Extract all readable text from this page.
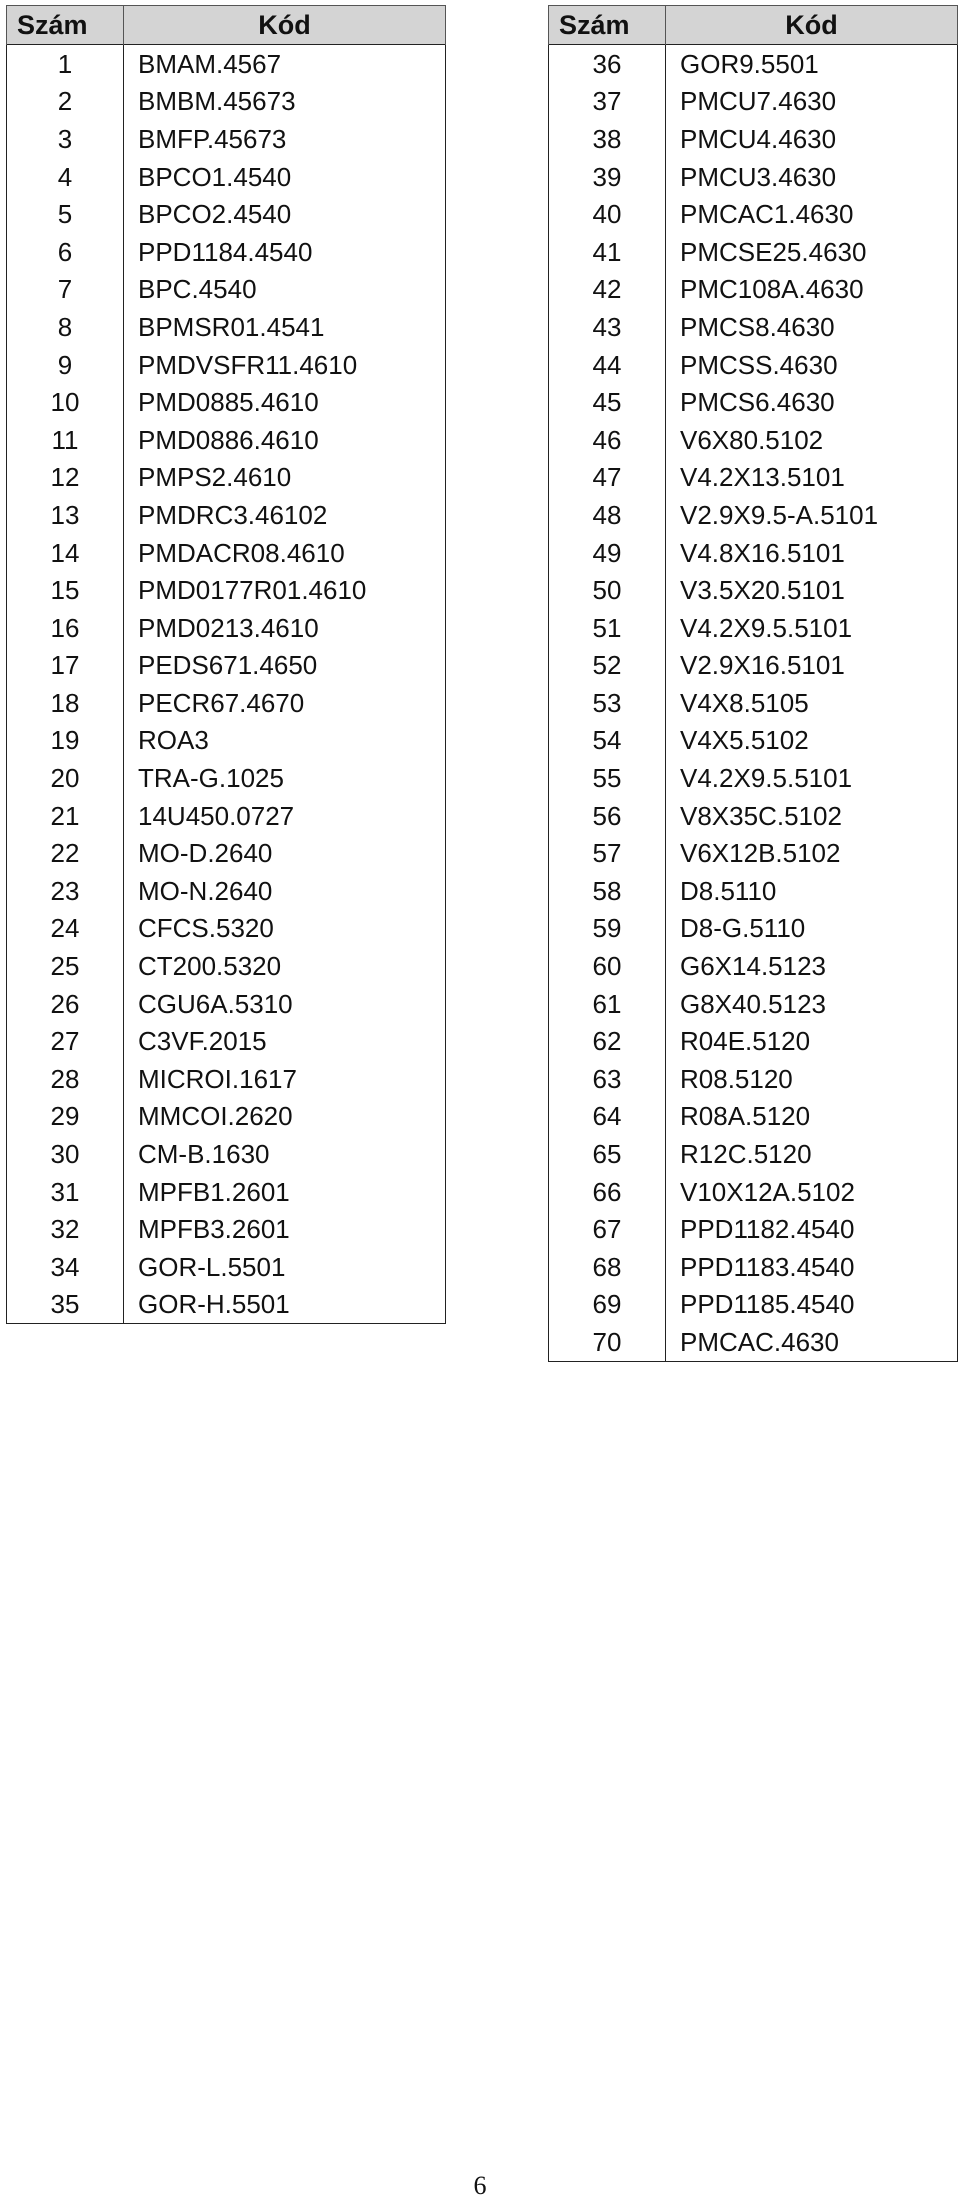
Szám	Kód
1	BMAM.4567
2	BMBM.45673
3	BMFP.45673
4	BPCO1.4540
5	BPCO2.4540
6	PPD1184.4540
7	BPC.4540
8	BPMSR01.4541
9	PMDVSFR11.4610
10	PMD0885.4610
11	PMD0886.4610
12	PMPS2.4610
13	PMDRC3.46102
14	PMDACR08.4610
15	PMD0177R01.4610
16	PMD0213.4610
17	PEDS671.4650
18	PECR67.4670
19	ROA3
20	TRA-G.1025
21	14U450.0727
22	MO-D.2640
23	MO-N.2640
24	CFCS.5320
25	CT200.5320
26	CGU6A.5310
27	C3VF.2015
28	MICROI.1617
29	MMCOI.2620
30	CM-B.1630
31	MPFB1.2601
32	MPFB3.2601
34	GOR-L.5501
35	GOR-H.5501
Szám	Kód
36	GOR9.5501
37	PMCU7.4630
38	PMCU4.4630
39	PMCU3.4630
40	PMCAC1.4630
41	PMCSE25.4630
42	PMC108A.4630
43	PMCS8.4630
44	PMCSS.4630
45	PMCS6.4630
46	V6X80.5102
47	V4.2X13.5101
48	V2.9X9.5-A.5101
49	V4.8X16.5101
50	V3.5X20.5101
51	V4.2X9.5.5101
52	V2.9X16.5101
53	V4X8.5105
54	V4X5.5102
55	V4.2X9.5.5101
56	V8X35C.5102
57	V6X12B.5102
58	D8.5110
59	D8-G.5110
60	G6X14.5123
61	G8X40.5123
62	R04E.5120
63	R08.5120
64	R08A.5120
65	R12C.5120
66	V10X12A.5102
67	PPD1182.4540
68	PPD1183.4540
69	PPD1185.4540
70	PMCAC.4630
6
